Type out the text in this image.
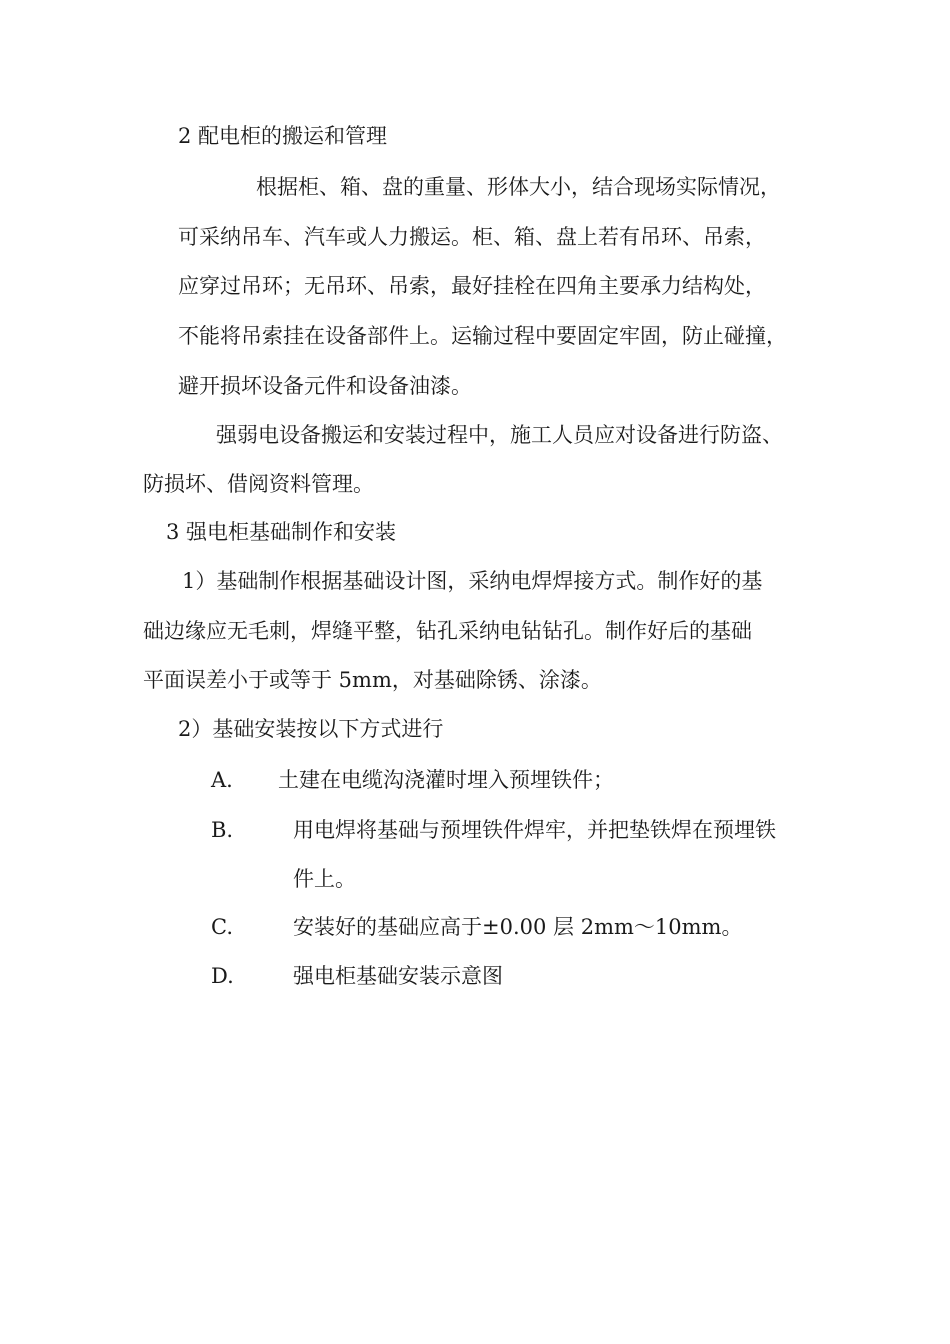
2 配电柜的搬运和管理

根据柜、箱、盘的重量、形体大小，结合现场实际情况，

可采纳吊车、汽车或人力搬运。柜、箱、盘上若有吊环、吊索，

应穿过吊环；无吊环、吊索，最好挂栓在四角主要承力结构处，

不能将吊索挂在设备部件上。运输过程中要固定牢固，防止碰撞，

避开损坏设备元件和设备油漆。

强弱电设备搬运和安装过程中，施工人员应对设备进行防盗、

防损坏、借阅资料管理。

3 强电柜基础制作和安装

1）基础制作根据基础设计图，采纳电焊焊接方式。制作好的基

础边缘应无毛刺，焊缝平整，钻孔采纳电钻钻孔。制作好后的基础

平面误差小于或等于 5mm，对基础除锈、涂漆。

2）基础安装按以下方式进行

A. 土建在电缆沟浇灌时埋入预埋铁件；

B.	用电焊将基础与预埋铁件焊牢，并把垫铁焊在预埋铁

件上。

C.	安装好的基础应高于±0.00 层 2mm～10mm。

D.	强电柜基础安装示意图
